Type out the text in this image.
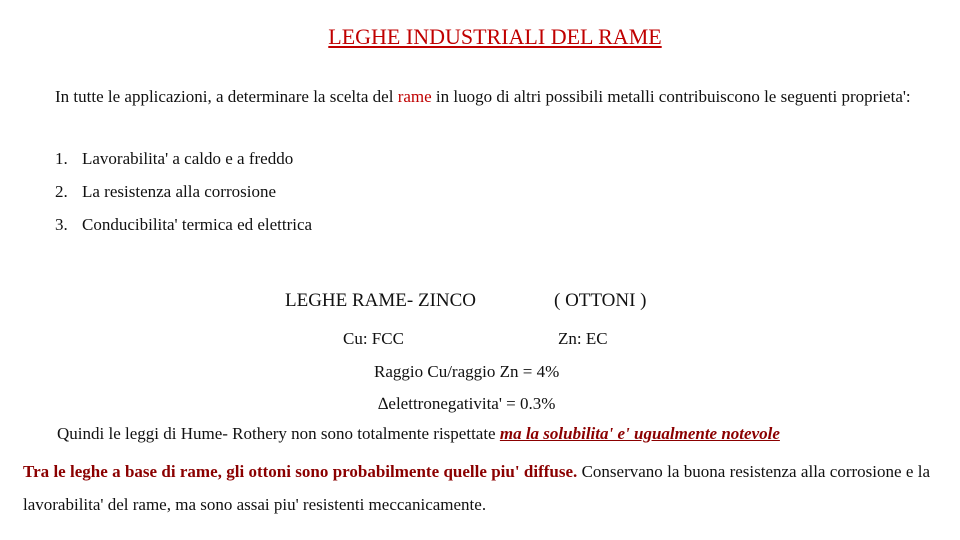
LEGHE INDUSTRIALI DEL RAME
In tutte le applicazioni, a determinare la scelta del rame in luogo di altri possibili metalli contribuiscono le seguenti proprieta':
1. Lavorabilita' a caldo e a freddo
2. La resistenza alla corrosione
3. Conducibilita' termica ed elettrica
LEGHE RAME- ZINCO	( OTTONI )
Cu: FCC	Zn: EC
Raggio Cu/raggio Zn = 4%
∆elettronegativita' = 0.3%
Quindi le leggi di Hume- Rothery non sono totalmente rispettate ma la solubilita' e' ugualmente notevole
Tra le leghe a base di rame, gli ottoni sono probabilmente quelle piu' diffuse. Conservano la buona resistenza alla corrosione e la lavorabilita' del rame, ma sono assai piu' resistenti meccanicamente.
